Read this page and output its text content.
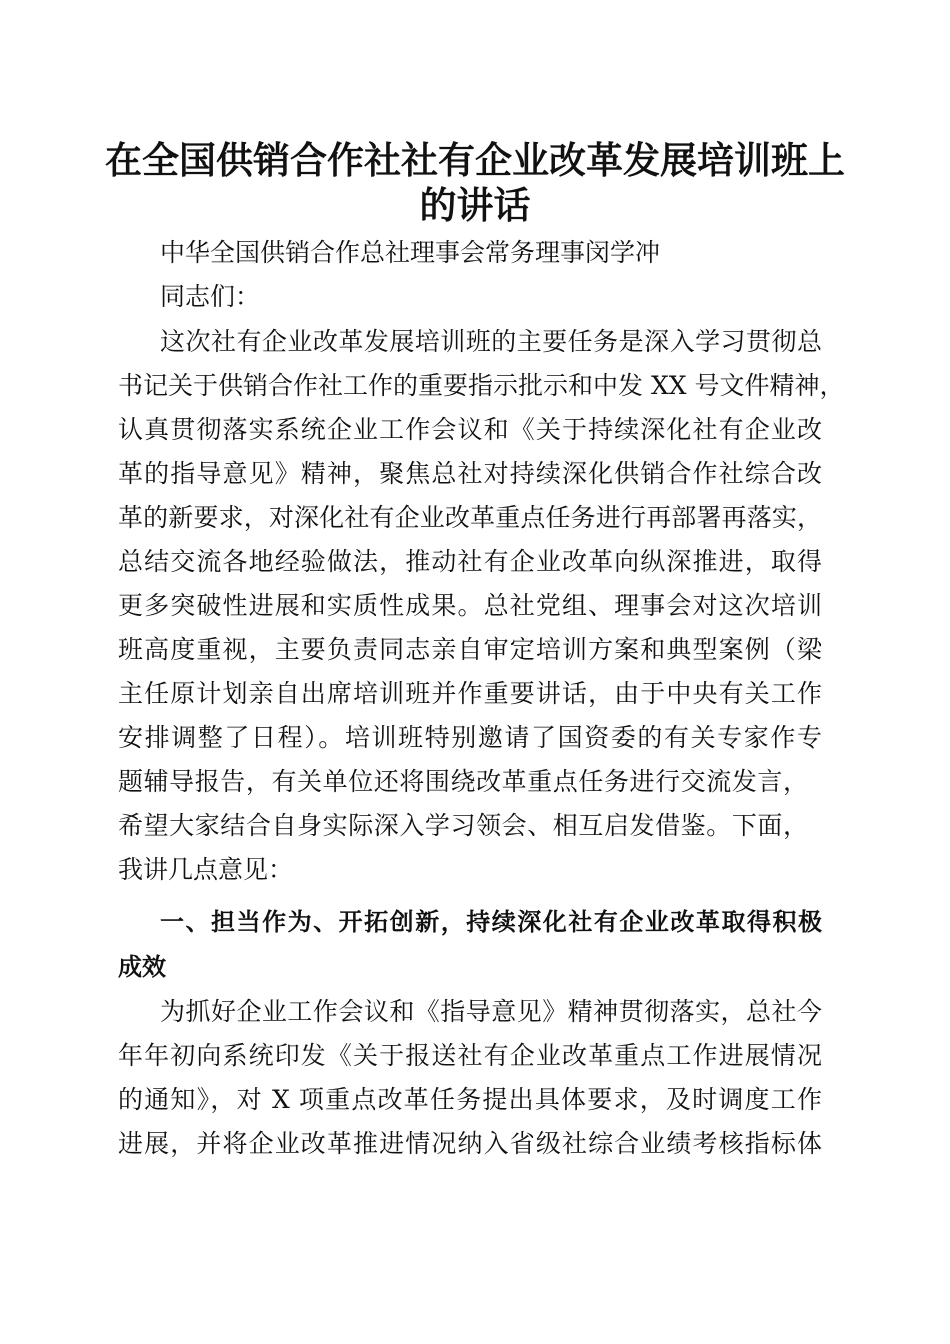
在全国供销合作社社有企业改革发展培训班上
的讲话
中华全国供销合作总社理事会常务理事闵学冲
同志们：
这次社有企业改革发展培训班的主要任务是深入学习贯彻总
书记关于供销合作社工作的重要指示批示和中发 XX 号文件精神，
认真贯彻落实系统企业工作会议和《关于持续深化社有企业改
革的指导意见》精神，聚焦总社对持续深化供销合作社综合改
革的新要求，对深化社有企业改革重点任务进行再部署再落实，
总结交流各地经验做法，推动社有企业改革向纵深推进，取得
更多突破性进展和实质性成果。总社党组、理事会对这次培训
班高度重视，主要负责同志亲自审定培训方案和典型案例（梁
主任原计划亲自出席培训班并作重要讲话，由于中央有关工作
安排调整了日程）。培训班特别邀请了国资委的有关专家作专
题辅导报告，有关单位还将围绕改革重点任务进行交流发言，
希望大家结合自身实际深入学习领会、相互启发借鉴。下面，
我讲几点意见：
一、担当作为、开拓创新，持续深化社有企业改革取得积极
成效
为抓好企业工作会议和《指导意见》精神贯彻落实，总社今
年年初向系统印发《关于报送社有企业改革重点工作进展情况
的通知》，对 X 项重点改革任务提出具体要求，及时调度工作
进展，并将企业改革推进情况纳入省级社综合业绩考核指标体
